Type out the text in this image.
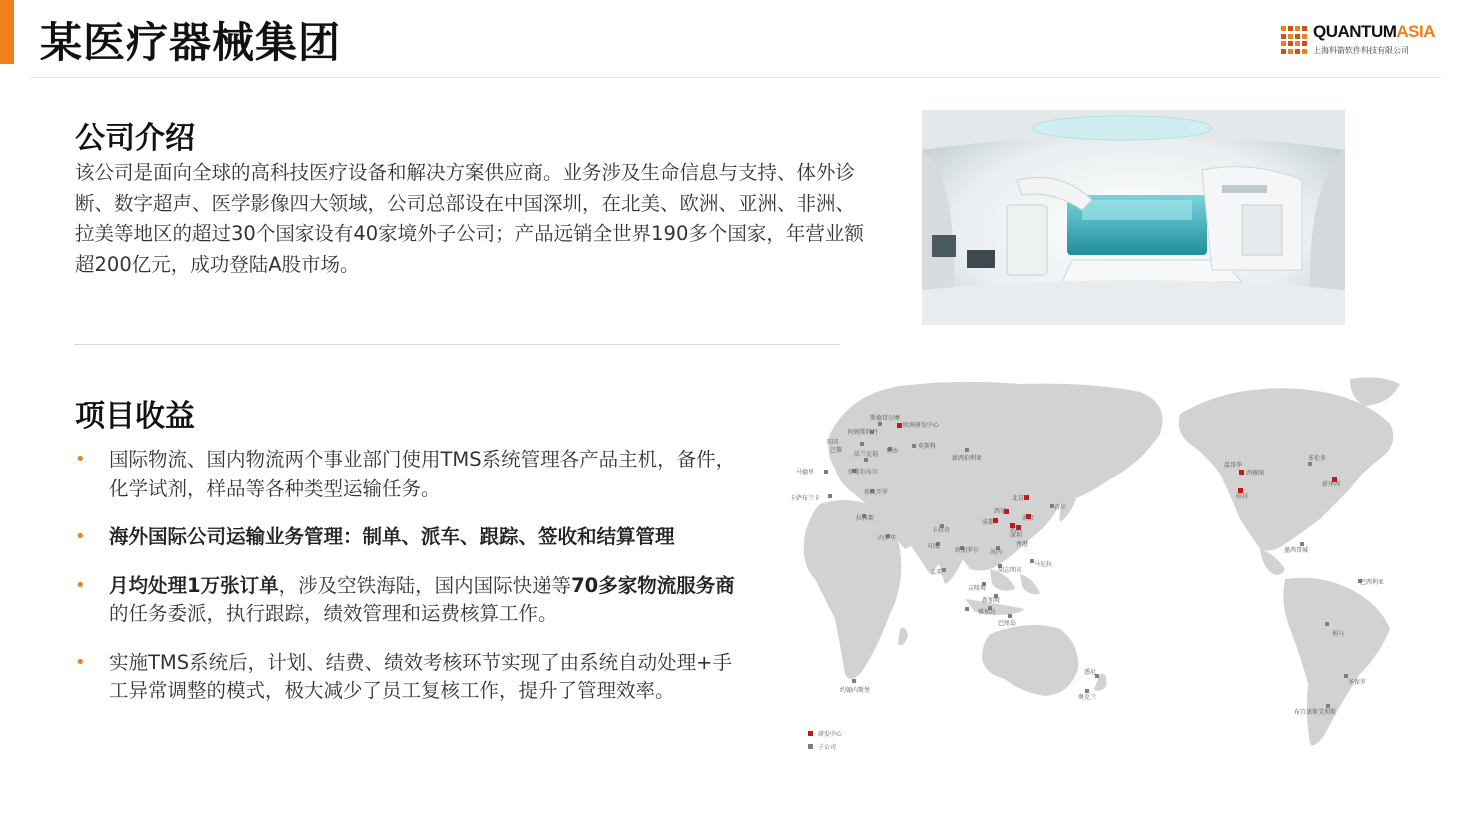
某医疗器械集团	QUANTUMASIA
上海科箭软件科技有限公司
公司介绍

该公司是面向全球的高科技医疗设备和解决方案供应商。业务涉及生命信息与支持、体外诊断、数字超声、医学影像四大领域，公司总部设在中国深圳，在北美、欧洲、亚洲、非洲、拉美等地区的超过30个国家设有40家境外子公司；产品远销全世界190多个国家，年营业额超200亿元，成功登陆A股市场。

项目收益
• 国际物流、国内物流两个事业部门使用TMS系统管理各产品主机，备件，化学试剂，样品等各种类型运输任务。
• 海外国际公司运输业务管理：制单、派车、跟踪、签收和结算管理
• 月均处理1万张订单，涉及空铁海陆，国内国际快递等70多家物流服务商的任务委派，执行跟踪，绩效管理和运费核算工作。
• 实施TMS系统后，计划、结费、绩效考核环节实现了由系统自动处理+手工异常调整的模式，极大减少了员工复核工作，提升了管理效率。
斯德哥尔摩
欧洲研发中心
阿姆斯特丹
英国
巴黎	华沙
莫斯科
新西伯利亚
法兰克福
马德里	伊斯坦布尔
卡萨布兰卡
埃及开罗
拉各斯
内罗毕
卡拉奇
印度
孟买
班加罗尔
北京
西安
成都
南京
武汉
深圳
香港
首尔
河内
胡志明市
马尼拉
吉隆坡
新加坡
雅加达
巴厘岛
悉尼
奥克兰
约翰内斯堡
温哥华
西雅图
硅谷
多伦多
新泽西
墨西哥城
利马
巴西利亚
圣保罗
布宜诺斯艾利斯
研发中心
子公司
